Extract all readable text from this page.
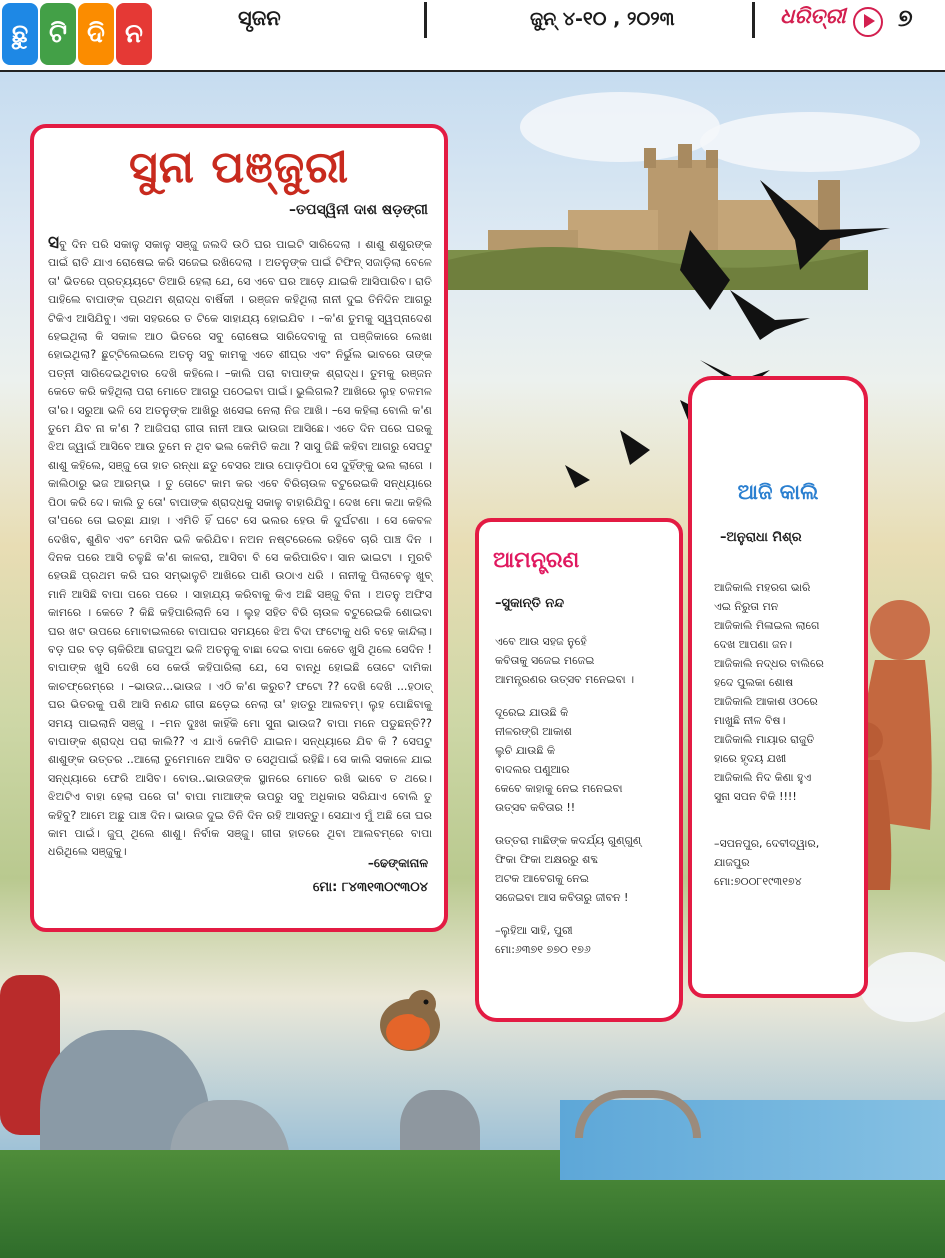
ଛୁ ଟି ଦି ନ
ସୃଜନ	ଜୁନ୍ ୪-୧୦ , ୨୦୨୩	ଧରିତ୍ରୀ ୭
ସୁନା ପଞ୍ଜୁରୀ
–ତପସ୍ୱିନୀ ଦାଶ ଷଡ଼ଙ୍ଗୀ
ସବୁ ଦିନ ପରି ସକାଳୁ ସକାଳୁ ସଞ୍ଜୁ ଜଲଦି ଉଠି ଘର ପାଇଟି ସାରିଦେଲା । ଶାଶୁ ଶଶୁରଙ୍କ ପାଇଁ ରାତି ଯାଏ ରୋଷେଇ କରି ସଜେଇ ରଖିଦେଲା । ଅତନୁଙ୍କ ପାଇଁ ଟିଫିନ୍ ସଜାଡ଼ିଲା ବେଳେ ତା' ଭିତରେ ପ୍ରତ୍ୟୟଟେ ତିଆରି ହେଲା ଯେ, ସେ ଏବେ ଘର ଆଡ଼େ ଯାଇକି ଆସିପାରିବ। ରାତି ପାହିଲେ ବାପାଙ୍କ ପ୍ରଥମ ଶ୍ରାଦ୍ଧ ବାର୍ଷିକୀ । ରଞ୍ଜନ କହିଥିଲା ନାନୀ ଦୁଇ ତିନିଦିନ ଆଗରୁ ଟିକିଏ ଆସିଯିବୁ। ଏକା ସହରରେ ତ ଟିକେ ସାହାଯ୍ୟ ହୋଇଯିବ । –କ'ଣ ତୁମକୁ ସ୍ୱପ୍ନାଦେଶ ହେଇଥିଲା କି ସକାଳ ଆଠ ଭିତରେ ସବୁ ରୋଷେଇ ସାରିଦେବାକୁ ନା ପଞ୍ଜିକାରେ ଲେଖା ହୋଇଥିଲା? ଛୁଟ୍ଟିଲେଇଲେ ଅତନୁ ସବୁ କାମକୁ ଏତେ ଶୀଘ୍ର ଏବଂ ନିର୍ଭୁଲ ଭାବରେ ତାଙ୍କ ପତ୍ନୀ ସାରିଦେଇଥିବାର ଦେଖି କହିଲେ। –କାଲି ପରା ବାପାଙ୍କ ଶ୍ରାଦ୍ଧ। ତୁମକୁ ରଞ୍ଜନ କେତେ କରି କହିଥିଲା ପରା ମୋତେ ଆଗରୁ ପଠେଇବା ପାଇଁ। ଭୁଲିଗଲ? ଆଖିରେ ଲୁହ ଚଳମଳ ତା'ର। ସରୁଆ ଭଳି ସେ ଅତନୁଙ୍କ ଆଖିରୁ ଖସେଇ ନେଲା ନିଜ ଆଖି। –ସେ କହିଲା ବୋଲି କ'ଣ ତୁମେ ଯିବ ନା କ'ଣ ? ଆଜିପରା ଗୀତା ନାନୀ ଆଉ ଭାଉଜା ଆସିଛେ। ଏତେ ଦିନ ପରେ ଘରକୁ ଝିଅ ଜ୍ୱାଇଁ ଆସିବେ ଆଉ ତୁମେ ନ ଥିବ ଭଲ କେମିତି କଥା ? ସାସୁ ଜିଛି କହିବା ଆଗରୁ ସେପଟୁ ଶାଶୁ କହିଲେ, ସଞ୍ଜୁ ତୋ ହାତ ରନ୍ଧା ଛତୁ ବେସର ଆଉ ପୋଡ଼ପିଠା ସେ ଦୁହିଁଙ୍କୁ ଭଲ ଲାଗେ । କାଲିଠାରୁ ଭଜ ଆରମ୍ଭ । ତୁ ତୋଟେ କାମ କର ଏବେ ବିରିଚାଉଳ ବଟୁରେଇକି ସନ୍ଧ୍ୟାରେ ପିଠା କରି ଦେ। କାଲି ତୁ ତୋ' ବାପାଙ୍କ ଶ୍ରାଦ୍ଧକୁ ସକାଳୁ ବାହାରିଯିବୁ। ଦେଖ ମୋ କଥା କହିଲି ତା'ପରେ ତୋ ଇଚ୍ଛା ଯାହା । ଏମିତି ହିଁ ଘଟେ ସେ ଭଲର ହେଉ କି ଦୁର୍ଘଟଣା । ସେ କେବଳ ଦେଖିବ, ଶୁଣିବ ଏବଂ ମେସିନ ଭଳି କରିଯିବ। ନଅନ ନଷ୍ଟରେଲେ ରହିବେ ଚାରି ପାଞ୍ଚ ଦିନ । ଦିନକ ପରେ ଆସି ଚଳୁଛି କ'ଣ କାଳରା, ଆସିବା ବି ସେ କରିପାରିବ। ସାନ ଭାଇଟା । ମୁରବି ହେଉଛି ପ୍ରଥମ କରି ଘର ସମ୍ଭାଳୁଚି ଆଖିରେ ପାଣି ଉଠାଏ ଧରି । ନାନୀକୁ ପିଲାବେଳୁ ଖୁବ୍ ମାନି ଆସିଛି ବାପା ପରେ ପରେ । ସାହାଯ୍ୟ କରିବାକୁ କିଏ ଅଛି ସଞ୍ଜୁ ବିନା । ଅତନୁ ଅଫିସ କାମରେ । କେତେ ? କିଛି କହିପାରିଲାନି ସେ । ଲୁହ ସହିତ ବିରି ଚାଉଳ ବଟୁରେଇକି ଶୋଇବା ଘର ଖଟ ଉପରେ ମୋବାଇଲରେ ବାପାଘର ସମୟରେ ଝିଅ ବିଦା ଫଟୋକୁ ଧରି ବହେ କାନ୍ଦିଲା। ବଡ଼ ଘର ବଡ଼ ଚାକିରିଆ ରାଜପୁଅ ଭଳି ଅତନୁକୁ ବାଛା ଦେଇ ବାପା କେତେ ଖୁସି ଥିଲେ ସେଦିନ ! ବାପାଙ୍କ ଖୁସି ଦେଖି ସେ କେଉଁ କହିପାରିଲା ଯେ, ସେ ବାନ୍ଧି ହୋଇଛି ତୋଟେ ଦାମିକା କାଚଫ୍ରେମ୍‌ରେ । –ଭାଉଜ...ଭାଉଜ । ଏଠି କ'ଣ କରୁଚ? ଫଟୋ ?? ଦେଖି ଦେଖି ...ହଠାତ୍ ଘର ଭିତରକୁ ପଶି ଆସି ନଣନ୍ଦ ଗୀତା ଛଡ଼େଇ ନେଲା ତା' ହାତରୁ ଆଲବମ୍। ଲୁହ ପୋଛିବାକୁ ସମୟ ପାଇଲାନି ସଞ୍ଜୁ । –ମନ ଦୁଃଖ କାହିଁକି ମୋ ସୁନା ଭାଉଜ? ବାପା ମନେ ପଡୁଛନ୍ତି?? ବାପାଙ୍କ ଶ୍ରାଦ୍ଧ ପରା କାଲି?? ଏ ଯାଏଁ କେମିତି ଯାଇନ। ସନ୍ଧ୍ୟାରେ ଯିବ କି ? ସେପଟୁ ଶାଶୁଙ୍କ ଉତ୍ତର ..ଆଲୋ ତୁମେମାନେ ଆସିବ ତ ସେଥିପାଇଁ ରହିଛି। ସେ କାଲି ସକାଳେ ଯାଇ ସନ୍ଧ୍ୟାରେ ଫେରି ଆସିବ। ବୋଉ..ଭାଉଜଙ୍କ ସ୍ଥାନରେ ମୋତେ ରଖି ଭାବେ ତ ଥରେ। ଝିଅଟିଏ ବାହା ହେଲା ପରେ ତା' ବାପା ମାଆଙ୍କ ଉପରୁ ସବୁ ଅଧିକାର ସରିଯାଏ ବୋଲି ତୁ କହିବୁ? ଆମେ ଅଛୁ ପାଞ୍ଚ ଦିନ। ଭାଉଜ ଦୁଇ ତିନି ଦିନ ରହି ଆସନ୍ତୁ। ସେଯାଏ ମୁଁ ଅଛି ତୋ ଘର କାମ ପାଇଁ। ଜୁପ୍ ଥିଲେ ଶାଶୁ। ନିର୍ବାକ ସଞ୍ଜୁ। ଗୀତା ହାତରେ ଥିବା ଆଲବମ୍‌ରେ ବାପା ଧରିଥିଲେ ସଞ୍ଜୁକୁ।
–ଢେଙ୍କାନାଳ
ମୋ: ୮୪୩୧୩୦୯୩୦୪
ଆମନ୍ତ୍ରଣ
–ସୁକାନ୍ତି ନନ୍ଦ
ଏବେ ଆଉ ସହଜ ନୁହେଁ
କବିତାକୁ ସଜେଇ ମଜେଇ
ଆମନ୍ତ୍ରଣର ଉତ୍ସବ ମନେଇବା ।
ଦୂରେଇ ଯାଉଛି କି
ନୀଳରଙ୍ଗି ଆକାଶ
ଲୁଚି ଯାଉଛି କି
ବାଦଲର ପଣୁଆର
କେବେ କାହାକୁ ନେଇ ମନେଇବା
ଉତ୍ସବ କବିତାର !!
ଉତ୍ତରା ମାଛିଙ୍କ କଦର୍ଯ୍ୟ ଗୁଣ୍‌ଗୁଣ୍
ଫିକା ଫିକା ଅକ୍ଷରରୁ ଶବ୍ଦ
ଅଟକ ଆବେଗକୁ ନେଇ
ସଜେଇବା ଆସ କବିତାରୁ ଜୀବନ !
–ଲୁହିଆ ସାହି, ପୁରୀ
ମୋ:୬୩୭୧ ୭୭୦ ୧୭୬
ଆଜି କାଲି
–ଅନୁରାଧା ମିଶ୍ର
ଆଜିକାଲି ମହରଗ ଭାରି
ଏଇ ନିରୁତା ମନ
ଆଜିକାଲି ମିଳାଇଲ ଲାଗେ
ଦେଖ ଆପଣା ଜନ।
ଆଜିକାଲି ନଦ୍ଧର ବାଲିରେ
ହଦେ ପୁଲକା ଶୋଷ
ଆଜିକାଲି ଆକାଶ ଓଠରେ
ମାଖୁଛି ନୀଳ ବିଷ।
ଆଜିକାଲି ମାୟାର ରାଜୁତି
ହାରେ ହୃଦୟ ଯଖୀ
ଆଜିକାଲି ନିଦ କିଣା ହୁଏ
ସୁନା ସପନ ବିକି !!!!
–ସପନପୁର, ଦେବୀଦ୍ୱାର,
ଯାଜପୁର
ମୋ:୭୦୦୮୧୯୩୧୭୪
